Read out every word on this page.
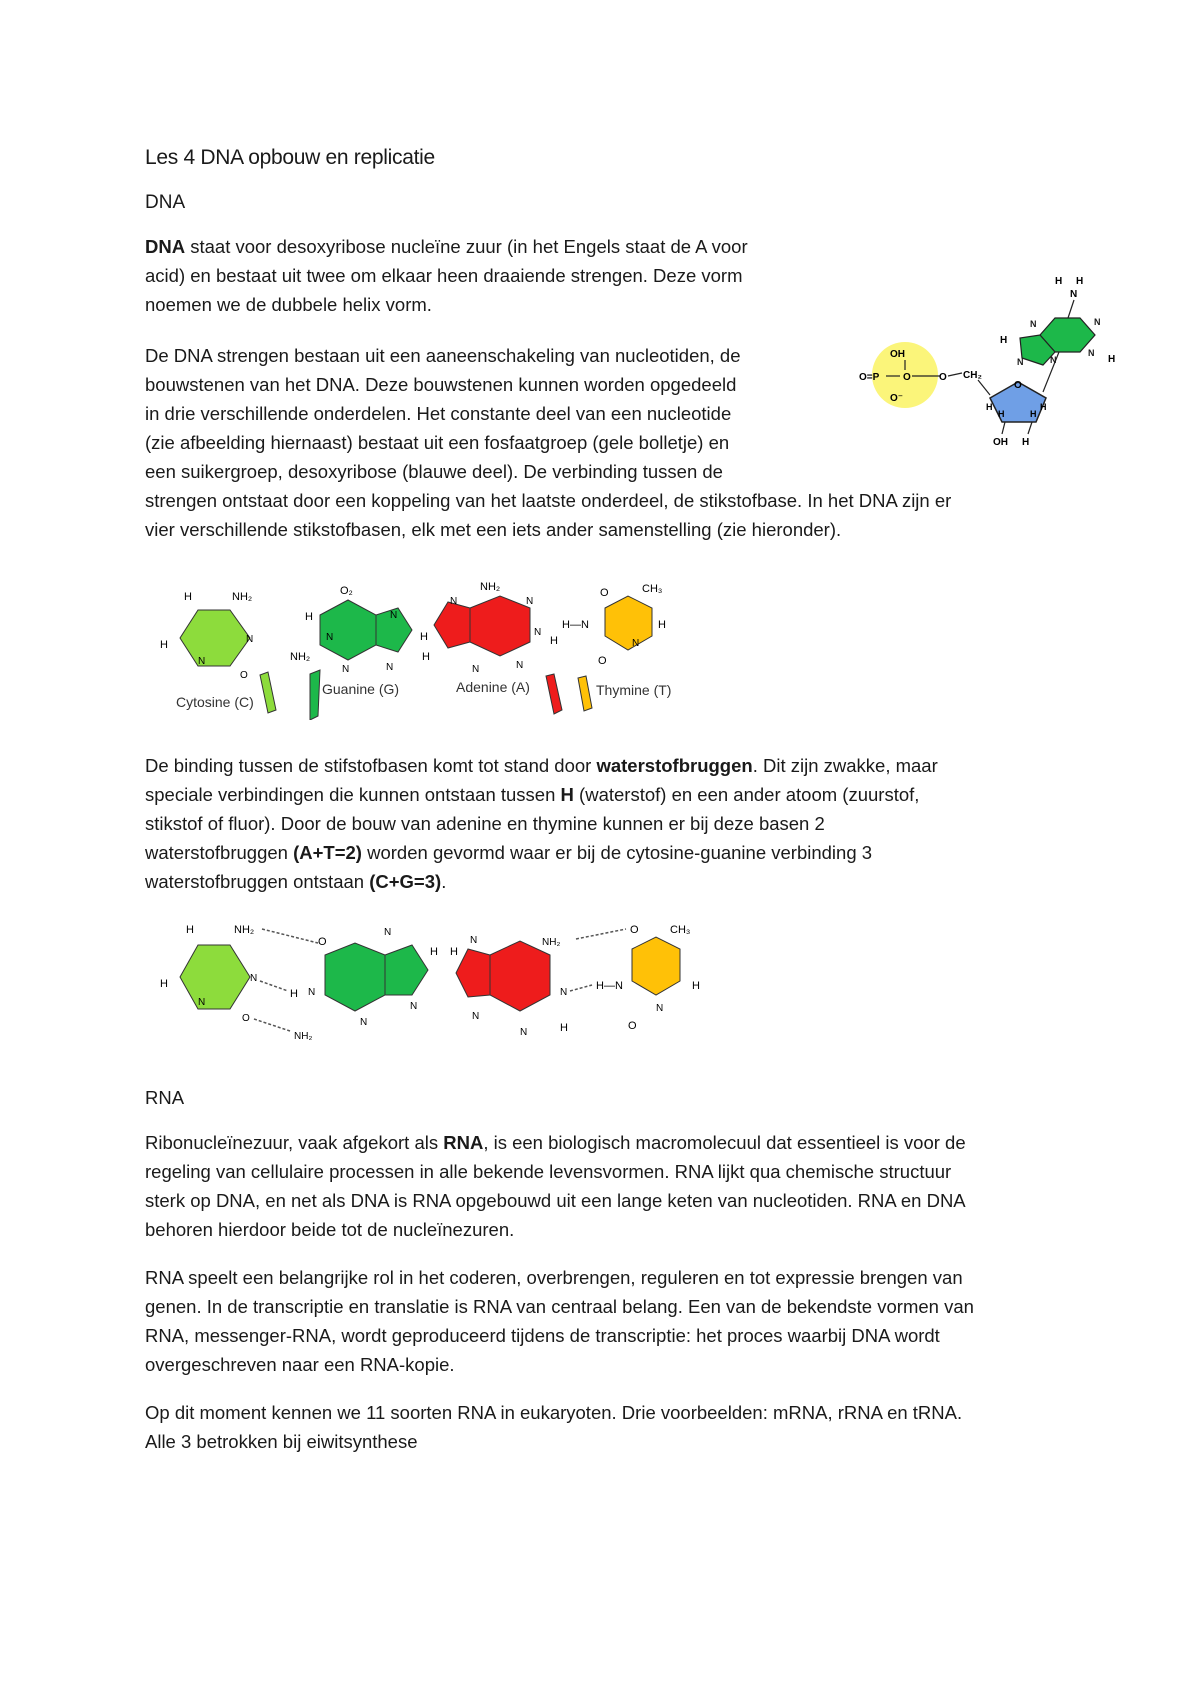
Les 4 DNA opbouw en replicatie

DNA

DNA staat voor desoxyribose nucleïne zuur (in het Engels staat de A voor

acid) en bestaat uit twee om elkaar heen draaiende strengen. Deze vorm

noemen we de dubbele helix vorm.

De DNA strengen bestaan uit een aaneenschakeling van nucleotiden, de

bouwstenen van het DNA. Deze bouwstenen kunnen worden opgedeeld

in drie verschillende onderdelen. Het constante deel van een nucleotide

(zie afbeelding hiernaast) bestaat uit een fosfaatgroep (gele bolletje) en

een suikergroep, desoxyribose (blauwe deel). De verbinding tussen de

strengen ontstaat door een koppeling van het laatste onderdeel, de stikstofbase. In het DNA zijn er

vier verschillende stikstofbasen, elk met een iets ander samenstelling (zie hieronder).

OH
O=P O
O⁻
O CH₂
O
H	H
H	H
OH H
H H
N
N
N
N
N
N
H
H
H	NH₂
H	N
N
O
Cytosine (C)
O₂
H
NH₂
N
N
N
N
H
Guanine (G)
NH₂
N
N
H
H
N
N	N
Adenine (A)
O	CH₃
H—N	H
N
O
Thymine (T)

De binding tussen de stifstofbasen komt tot stand door waterstofbruggen. Dit zijn zwakke, maar

speciale verbindingen die kunnen ontstaan tussen H (waterstof) en een ander atoom (zuurstof,

stikstof of fluor). Door de bouw van adenine en thymine kunnen er bij deze basen 2

waterstofbruggen (A+T=2) worden gevormd waar er bij de cytosine-guanine verbinding 3

waterstofbruggen ontstaan (C+G=3).

H	NH₂
H	N
N
O
O
H N
NH₂
N
H
N
N
H
N	NH₂
N
N
N	H
O	CH₃
H—N	H
N
O

RNA

Ribonucleïnezuur, vaak afgekort als RNA, is een biologisch macromolecuul dat essentieel is voor de

regeling van cellulaire processen in alle bekende levensvormen. RNA lijkt qua chemische structuur

sterk op DNA, en net als DNA is RNA opgebouwd uit een lange keten van nucleotiden. RNA en DNA

behoren hierdoor beide tot de nucleïnezuren.

RNA speelt een belangrijke rol in het coderen, overbrengen, reguleren en tot expressie brengen van

genen. In de transcriptie en translatie is RNA van centraal belang. Een van de bekendste vormen van

RNA, messenger-RNA, wordt geproduceerd tijdens de transcriptie: het proces waarbij DNA wordt

overgeschreven naar een RNA-kopie.

Op dit moment kennen we 11 soorten RNA in eukaryoten. Drie voorbeelden: mRNA, rRNA en tRNA.

Alle 3 betrokken bij eiwitsynthese
